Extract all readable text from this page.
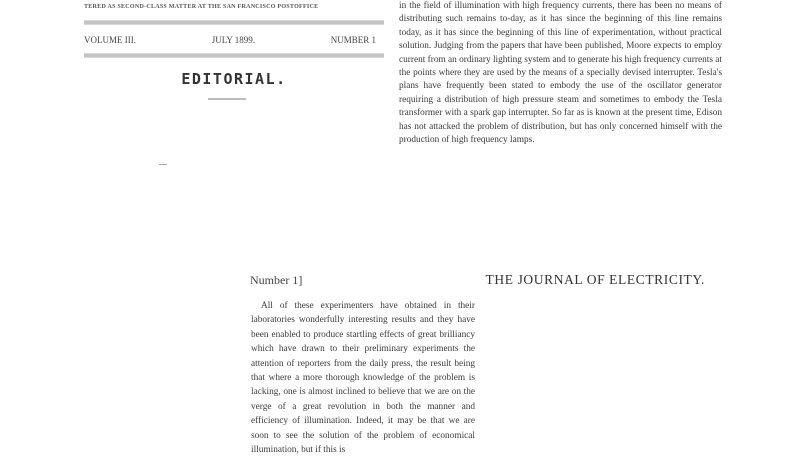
TERED AS SECOND-CLASS MATTER AT THE SAN FRANCISCO POSTOFFICE
VOLUME III.	JULY 1899.	NUMBER 1
EDITORIAL.

in the field of illumination with high frequency currents, there has been no means of distributing such remains to-day, as it has since the beginning of this line remains today, as it has since the beginning of this line of experimentation, without practical solution. Judging from the papers that have been published, Moore expects to employ current from an ordinary lighting system and to generate his high frequency currents at the points where they are used by the means of a specially devised interrupter. Tesla's plans have frequently been stated to embody the use of the oscillator generator requiring a distribution of high pressure steam and sometimes to embody the Tesla transformer with a spark gap interrupter. So far as is known at the present time, Edison has not attacked the problem of distribution, but has only concerned himself with the production of high frequency lamps.

Number 1]	THE JOURNAL OF ELECTRICITY.

All of these experimenters have obtained in their laboratories wonderfully interesting results and they have been enabled to produce startling effects of great brilliancy which have drawn to their preliminary experiments the attention of reporters from the daily press, the result being that where a more thorough knowledge of the problem is lacking, one is almost inclined to believe that we are on the verge of a great revolution in both the manner and efficiency of illumination. Indeed, it may be that we are soon to see the solution of the problem of economical illumination, but if this is
